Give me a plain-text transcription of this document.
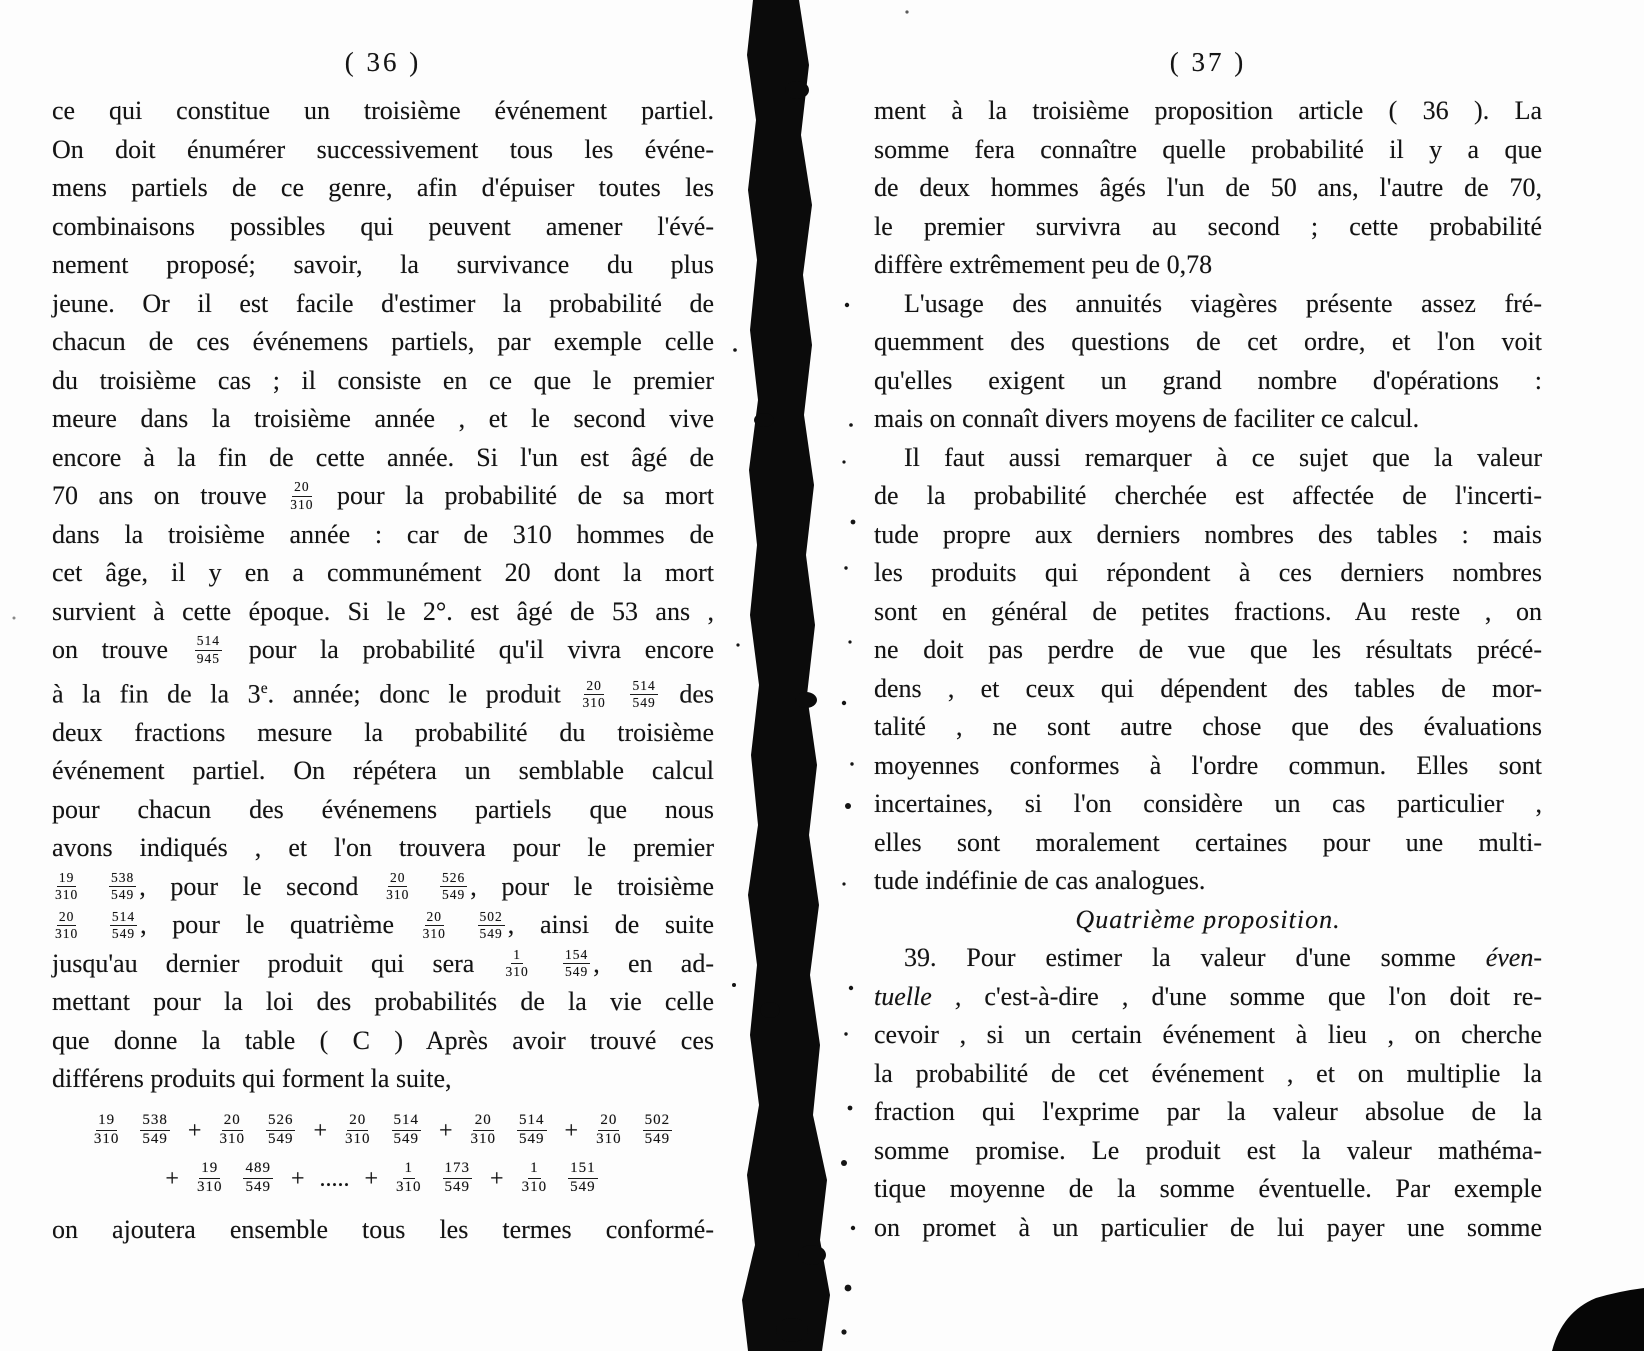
( 36 )
ce qui constitue un troisième événement partiel.
On doit énumérer successivement tous les événe-
mens partiels de ce genre, afin d'épuiser toutes les
combinaisons possibles qui peuvent amener l'évé-
nement proposé; savoir, la survivance du plus
jeune. Or il est facile d'estimer la probabilité de
chacun de ces événemens partiels, par exemple celle
du troisième cas ; il consiste en ce que le premier
meure dans la troisième année , et le second vive
encore à la fin de cette année. Si l'un est âgé de
70 ans on trouve $\frac{20}{310}$ pour la probabilité de sa mort
dans la troisième année : car de 310 hommes de
cet âge, il y en a communément 20 dont la mort
survient à cette époque. Si le 2°. est âgé de 53 ans ,
on trouve $\frac{514}{945}$ pour la probabilité qu'il vivra encore
à la fin de la 3e. année; donc le produit $\frac{20}{310}$
$\frac{514}{549}$ des
deux fractions mesure la probabilité du troisième
événement partiel. On répétera un semblable calcul
pour chacun des événemens partiels que nous
avons indiqués , et l'on trouvera pour le premier
$\frac{19}{310}$
$\frac{538}{549}$ , pour le second $\frac{20}{310}$
$\frac{526}{549}$ , pour le troisième
$\frac{20}{310}$
$\frac{514}{549}$ , pour le quatrième $\frac{20}{310}$
$\frac{502}{549}$ , ainsi de suite
jusqu'au dernier produit qui sera $\frac{1}{310}$
	$\frac{154}{549}$ , en ad-
mettant pour la loi des probabilités de la vie celle
que donne la table ( C ) Après avoir trouvé ces
différens produits qui forment la suite,
$\frac{19}{310}$
$\frac{538}{549} + \frac{20}{310}$
$\frac{526}{549} + \frac{20}{310}$
$\frac{514}{549} + \frac{20}{310}$
$\frac{514}{549} + \frac{20}{310}$
$\frac{502}{549}$
+ $\frac{19}{310}$
$\frac{489}{549}$ + ..... + $\frac{1}{310}$
$\frac{173}{549} + \frac{1}{310}$
$\frac{151}{549}$
on ajoutera ensemble tous les termes conformé-
( 37 )
ment à la troisième proposition article ( 36 ). La
somme fera connaître quelle probabilité il y a que
de deux hommes âgés l'un de 50 ans, l'autre de 70,
le premier survivra au second ; cette probabilité
diffère extrêmement peu de 0,78
L'usage des annuités viagères présente assez fré-
quemment des questions de cet ordre, et l'on voit
qu'elles exigent un grand nombre d'opérations :
mais on connaît divers moyens de faciliter ce calcul.
Il faut aussi remarquer à ce sujet que la valeur
de la probabilité cherchée est affectée de l'incerti-
tude propre aux derniers nombres des tables : mais
les produits qui répondent à ces derniers nombres
sont en général de petites fractions. Au reste , on
ne doit pas perdre de vue que les résultats précé-
dens , et ceux qui dépendent des tables de mor-
talité , ne sont autre chose que des évaluations
moyennes conformes à l'ordre commun. Elles sont
incertaines, si l'on considère un cas particulier ,
elles sont moralement certaines pour une multi-
tude indéfinie de cas analogues.
Quatrième proposition.
39. Pour estimer la valeur d'une somme éven-
tuelle , c'est-à-dire , d'une somme que l'on doit re-
cevoir , si un certain événement à lieu , on cherche
la probabilité de cet événement , et on multiplie la
fraction qui l'exprime par la valeur absolue de la
somme promise. Le produit est la valeur mathéma-
tique moyenne de la somme éventuelle. Par exemple
on promet à un particulier de lui payer une somme
